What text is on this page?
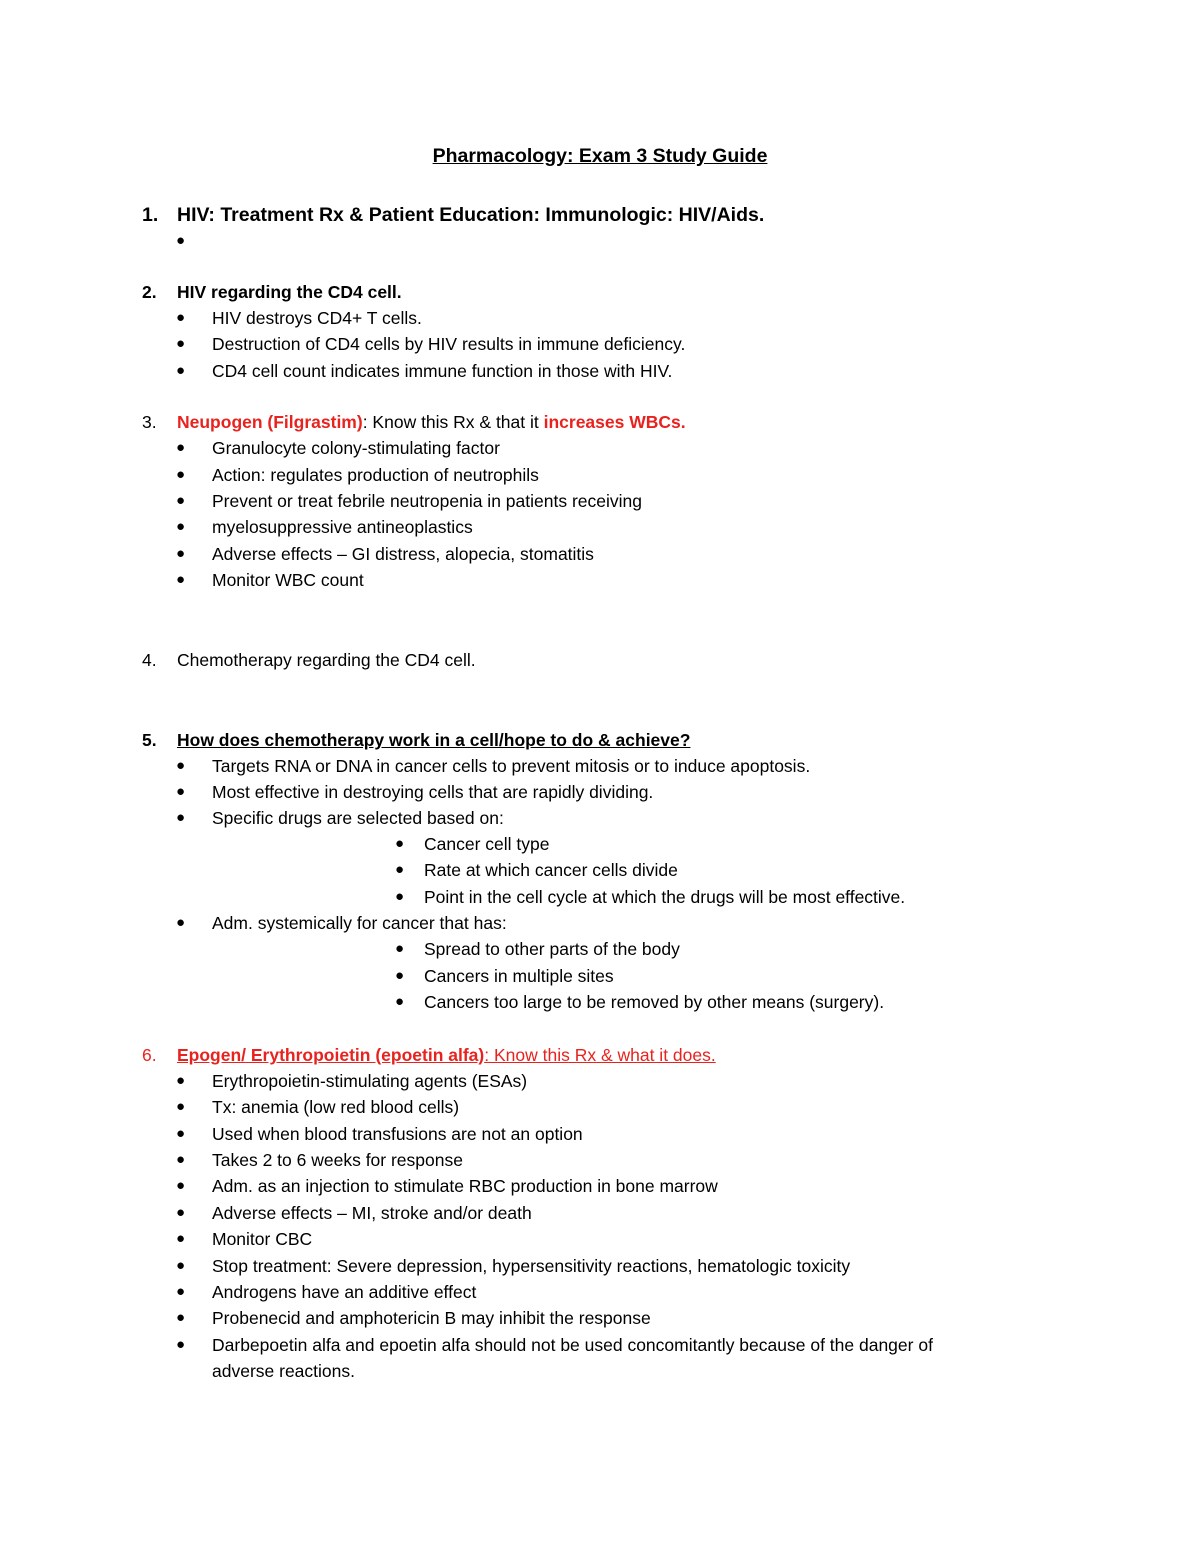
Pharmacology: Exam 3 Study Guide
1. HIV: Treatment Rx & Patient Education: Immunologic: HIV/Aids.
●
2. HIV regarding the CD4 cell.
● HIV destroys CD4+ T cells.
● Destruction of CD4 cells by HIV results in immune deficiency.
● CD4 cell count indicates immune function in those with HIV.
3. Neupogen (Filgrastim): Know this Rx & that it increases WBCs.
● Granulocyte colony-stimulating factor
● Action: regulates production of neutrophils
● Prevent or treat febrile neutropenia in patients receiving
● myelosuppressive antineoplastics
● Adverse effects – GI distress, alopecia, stomatitis
● Monitor WBC count
4. Chemotherapy regarding the CD4 cell.
5. How does chemotherapy work in a cell/hope to do & achieve?
● Targets RNA or DNA in cancer cells to prevent mitosis or to induce apoptosis.
● Most effective in destroying cells that are rapidly dividing.
● Specific drugs are selected based on:
● Cancer cell type
● Rate at which cancer cells divide
● Point in the cell cycle at which the drugs will be most effective.
● Adm. systemically for cancer that has:
● Spread to other parts of the body
● Cancers in multiple sites
● Cancers too large to be removed by other means (surgery).
6. Epogen/ Erythropoietin (epoetin alfa): Know this Rx & what it does.
● Erythropoietin-stimulating agents (ESAs)
● Tx: anemia (low red blood cells)
● Used when blood transfusions are not an option
● Takes 2 to 6 weeks for response
● Adm. as an injection to stimulate RBC production in bone marrow
● Adverse effects – MI, stroke and/or death
● Monitor CBC
● Stop treatment: Severe depression, hypersensitivity reactions, hematologic toxicity
● Androgens have an additive effect
● Probenecid and amphotericin B may inhibit the response
● Darbepoetin alfa and epoetin alfa should not be used concomitantly because of the danger of
adverse reactions.
